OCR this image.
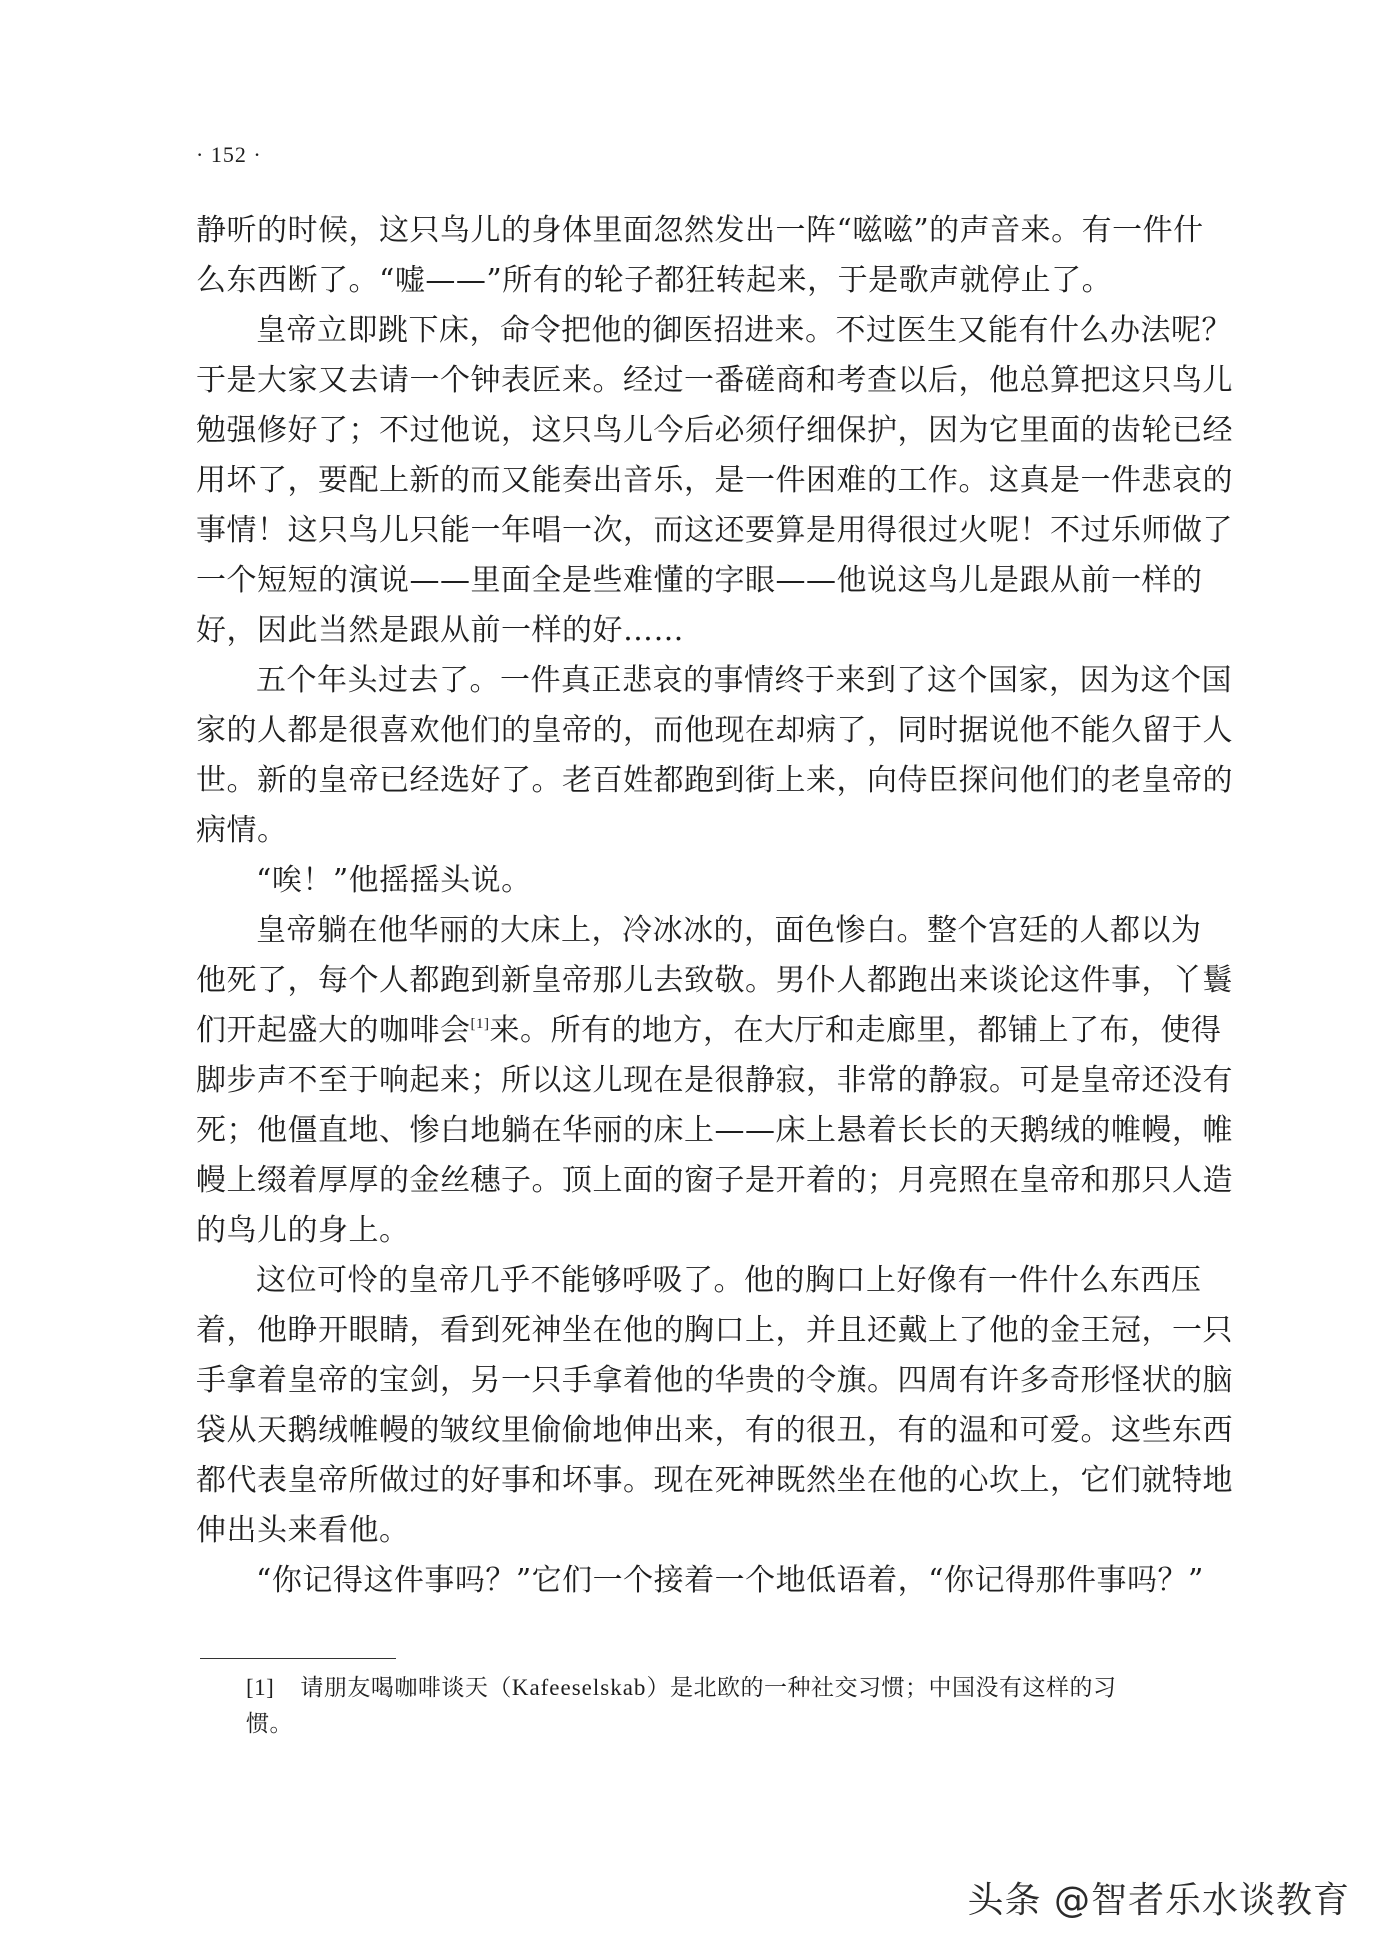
· 152 ·
静听的时候，这只鸟儿的身体里面忽然发出一阵“嗞嗞”的声音来。有一件什
么东西断了。“嘘——”所有的轮子都狂转起来，于是歌声就停止了。
皇帝立即跳下床，命令把他的御医招进来。不过医生又能有什么办法呢？
于是大家又去请一个钟表匠来。经过一番磋商和考查以后，他总算把这只鸟儿
勉强修好了；不过他说，这只鸟儿今后必须仔细保护，因为它里面的齿轮已经
用坏了，要配上新的而又能奏出音乐，是一件困难的工作。这真是一件悲哀的
事情！这只鸟儿只能一年唱一次，而这还要算是用得很过火呢！不过乐师做了
一个短短的演说——里面全是些难懂的字眼——他说这鸟儿是跟从前一样的
好，因此当然是跟从前一样的好……
五个年头过去了。一件真正悲哀的事情终于来到了这个国家，因为这个国
家的人都是很喜欢他们的皇帝的，而他现在却病了，同时据说他不能久留于人
世。新的皇帝已经选好了。老百姓都跑到街上来，向侍臣探问他们的老皇帝的
病情。
“唉！”他摇摇头说。
皇帝躺在他华丽的大床上，冷冰冰的，面色惨白。整个宫廷的人都以为
他死了，每个人都跑到新皇帝那儿去致敬。男仆人都跑出来谈论这件事，丫鬟
们开起盛大的咖啡会[1]来。所有的地方，在大厅和走廊里，都铺上了布，使得
脚步声不至于响起来；所以这儿现在是很静寂，非常的静寂。可是皇帝还没有
死；他僵直地、惨白地躺在华丽的床上——床上悬着长长的天鹅绒的帷幔，帷
幔上缀着厚厚的金丝穗子。顶上面的窗子是开着的；月亮照在皇帝和那只人造
的鸟儿的身上。
这位可怜的皇帝几乎不能够呼吸了。他的胸口上好像有一件什么东西压
着，他睁开眼睛，看到死神坐在他的胸口上，并且还戴上了他的金王冠，一只
手拿着皇帝的宝剑，另一只手拿着他的华贵的令旗。四周有许多奇形怪状的脑
袋从天鹅绒帷幔的皱纹里偷偷地伸出来，有的很丑，有的温和可爱。这些东西
都代表皇帝所做过的好事和坏事。现在死神既然坐在他的心坎上，它们就特地
伸出头来看他。
“你记得这件事吗？”它们一个接着一个地低语着，“你记得那件事吗？”
[1] 请朋友喝咖啡谈天（Kafeeselskab）是北欧的一种社交习惯；中国没有这样的习
惯。
头条 @智者乐水谈教育
